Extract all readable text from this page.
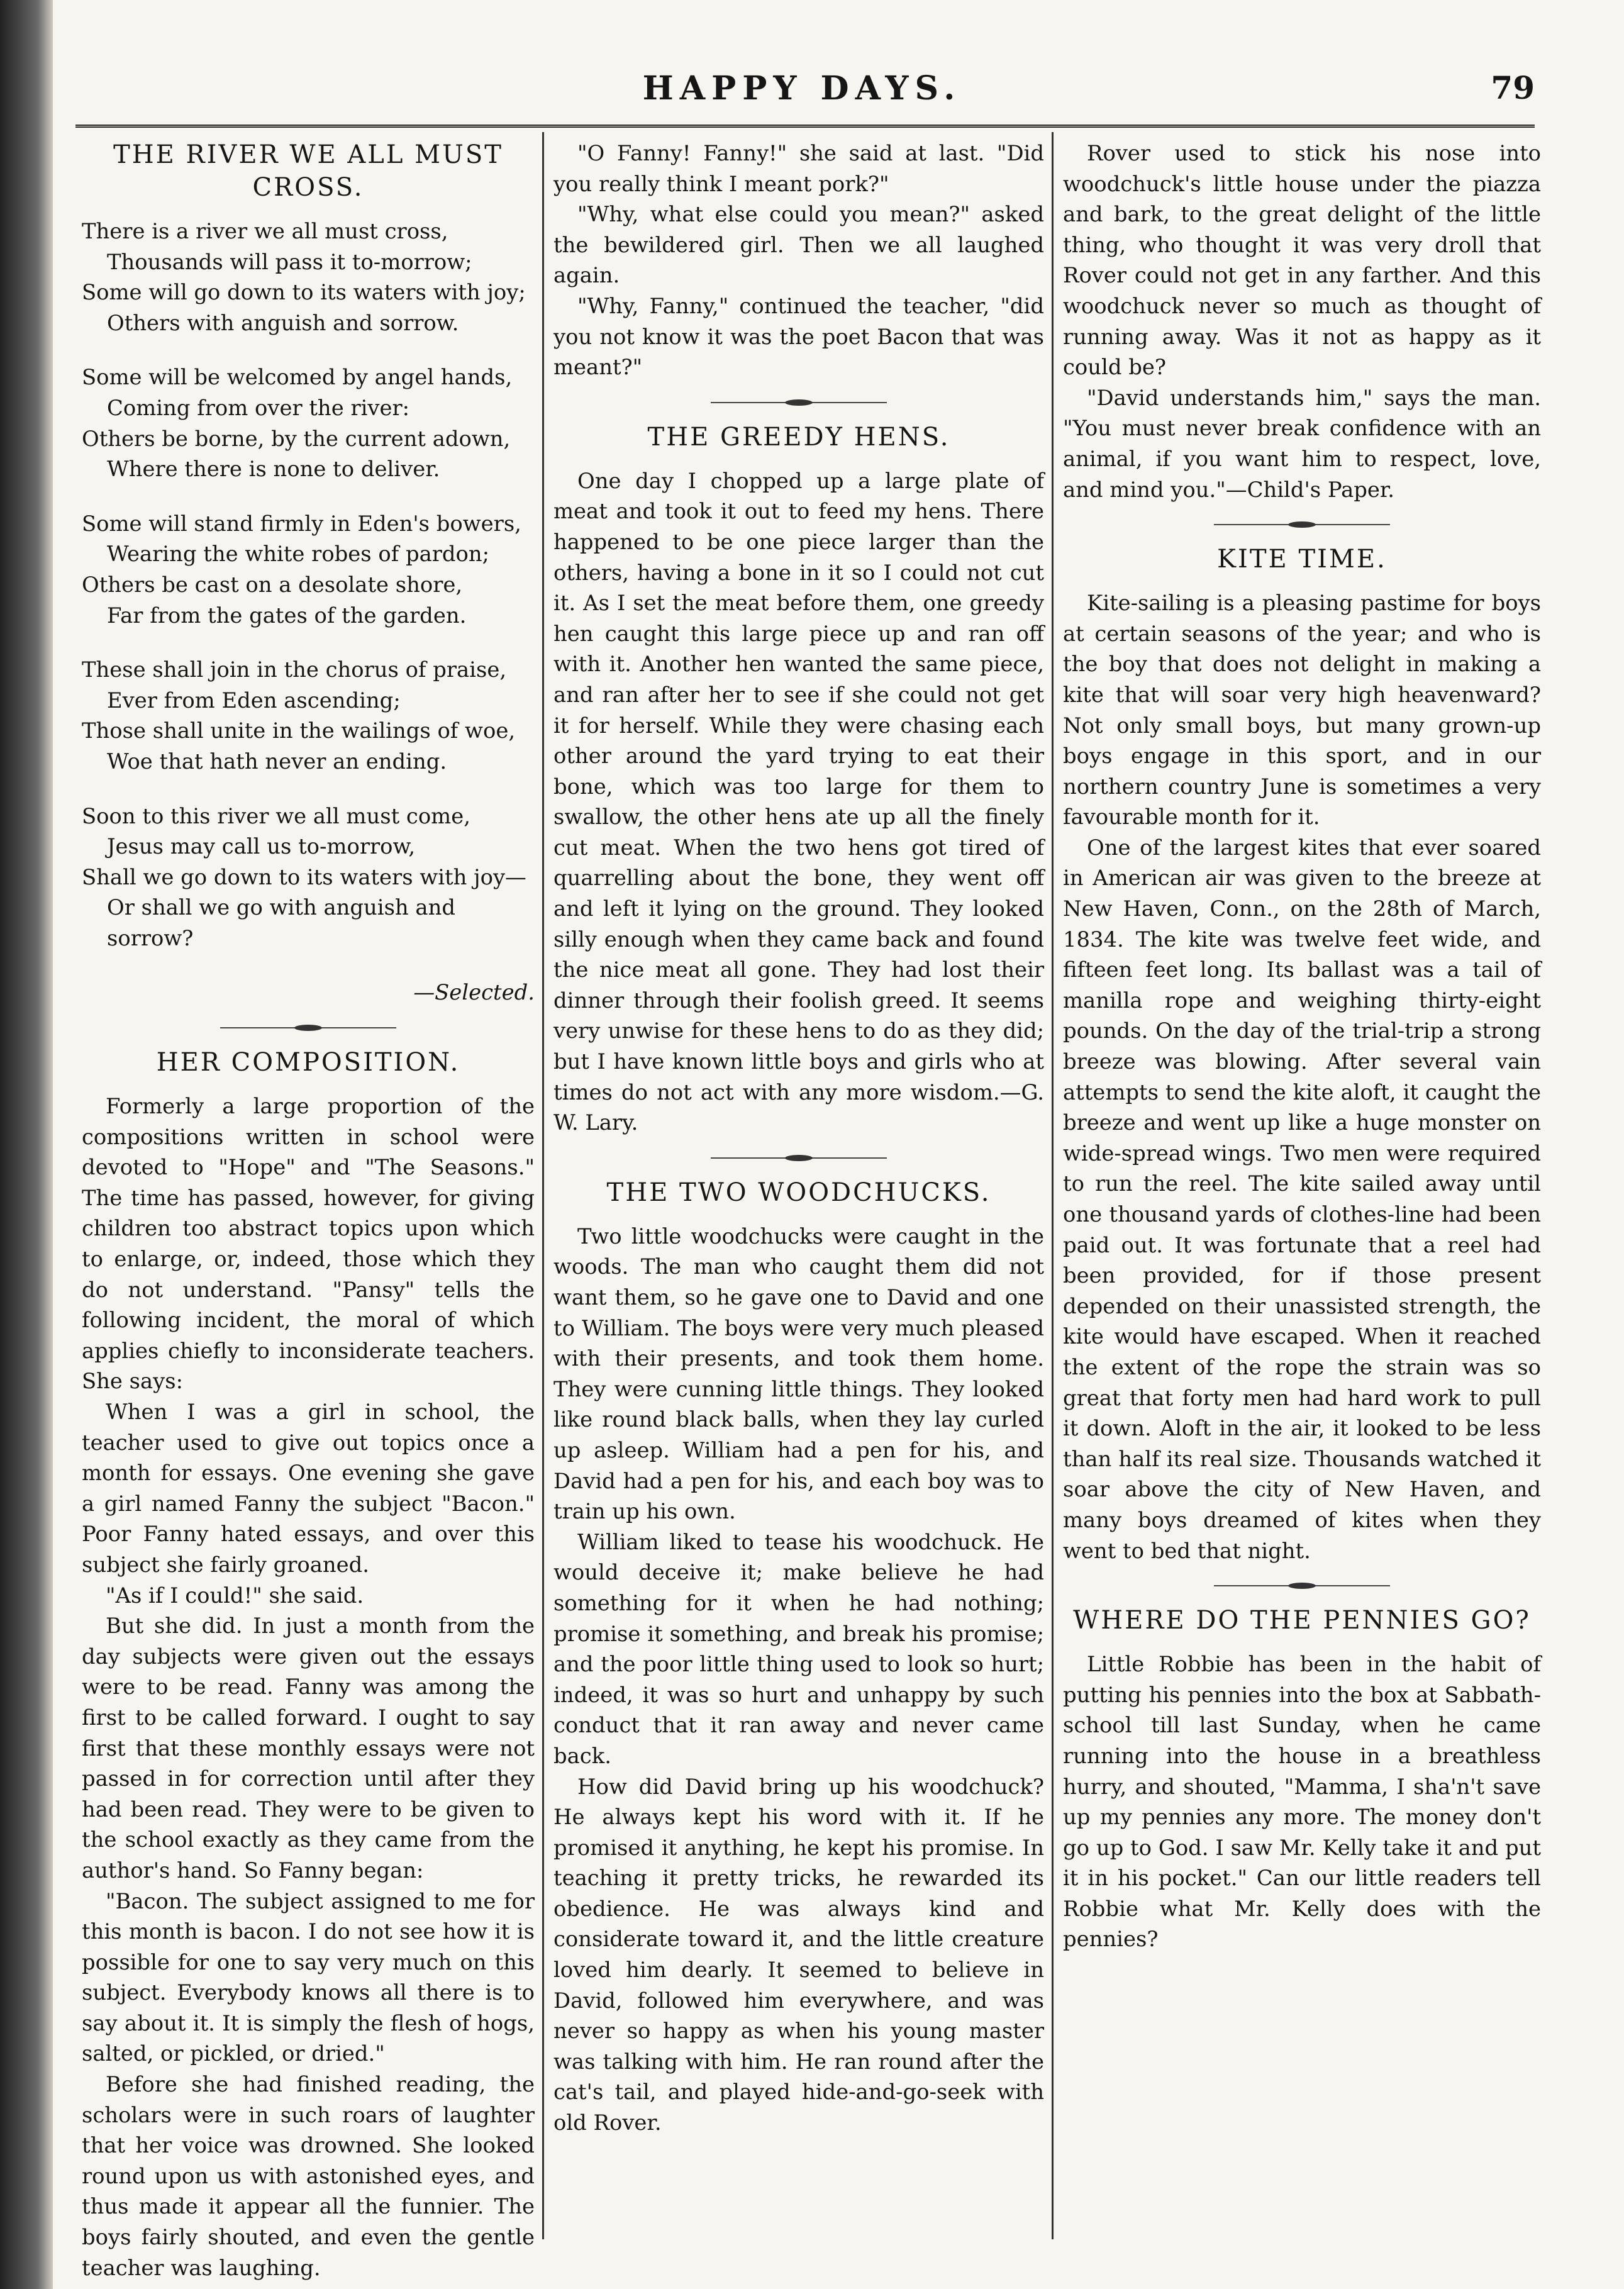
HAPPY DAYS.	79
THE RIVER WE ALL MUST CROSS.
There is a river we all must cross,
Thousands will pass it to-morrow;
Some will go down to its waters with joy;
Others with anguish and sorrow.
Some will be welcomed by angel hands,
Coming from over the river:
Others be borne, by the current adown,
Where there is none to deliver.
Some will stand firmly in Eden's bowers,
Wearing the white robes of pardon;
Others be cast on a desolate shore,
Far from the gates of the garden.
These shall join in the chorus of praise,
Ever from Eden ascending;
Those shall unite in the wailings of woe,
Woe that hath never an ending.
Soon to this river we all must come,
Jesus may call us to-morrow,
Shall we go down to its waters with joy—
Or shall we go with anguish and sorrow?
—Selected.
HER COMPOSITION.

Formerly a large proportion of the compositions written in school were devoted to "Hope" and "The Seasons." The time has passed, however, for giving children too abstract topics upon which to enlarge, or, indeed, those which they do not understand. "Pansy" tells the following incident, the moral of which applies chiefly to inconsiderate teachers. She says:

When I was a girl in school, the teacher used to give out topics once a month for essays. One evening she gave a girl named Fanny the subject "Bacon." Poor Fanny hated essays, and over this subject she fairly groaned.

"As if I could!" she said.

But she did. In just a month from the day subjects were given out the essays were to be read. Fanny was among the first to be called forward. I ought to say first that these monthly essays were not passed in for correction until after they had been read. They were to be given to the school exactly as they came from the author's hand. So Fanny began:

"Bacon. The subject assigned to me for this month is bacon. I do not see how it is possible for one to say very much on this subject. Everybody knows all there is to say about it. It is simply the flesh of hogs, salted, or pickled, or dried."

Before she had finished reading, the scholars were in such roars of laughter that her voice was drowned. She looked round upon us with astonished eyes, and thus made it appear all the funnier. The boys fairly shouted, and even the gentle teacher was laughing.

"O Fanny! Fanny!" she said at last. "Did you really think I meant pork?"

"Why, what else could you mean?" asked the bewildered girl. Then we all laughed again.

"Why, Fanny," continued the teacher, "did you not know it was the poet Bacon that was meant?"

THE GREEDY HENS.

One day I chopped up a large plate of meat and took it out to feed my hens. There happened to be one piece larger than the others, having a bone in it so I could not cut it. As I set the meat before them, one greedy hen caught this large piece up and ran off with it. Another hen wanted the same piece, and ran after her to see if she could not get it for herself. While they were chasing each other around the yard trying to eat their bone, which was too large for them to swallow, the other hens ate up all the finely cut meat. When the two hens got tired of quarrelling about the bone, they went off and left it lying on the ground. They looked silly enough when they came back and found the nice meat all gone. They had lost their dinner through their foolish greed. It seems very unwise for these hens to do as they did; but I have known little boys and girls who at times do not act with any more wisdom.—G. W. Lary.

THE TWO WOODCHUCKS.

Two little woodchucks were caught in the woods. The man who caught them did not want them, so he gave one to David and one to William. The boys were very much pleased with their presents, and took them home. They were cunning little things. They looked like round black balls, when they lay curled up asleep. William had a pen for his, and David had a pen for his, and each boy was to train up his own.

William liked to tease his woodchuck. He would deceive it; make believe he had something for it when he had nothing; promise it something, and break his promise; and the poor little thing used to look so hurt; indeed, it was so hurt and unhappy by such conduct that it ran away and never came back.

How did David bring up his woodchuck? He always kept his word with it. If he promised it anything, he kept his promise. In teaching it pretty tricks, he rewarded its obedience. He was always kind and considerate toward it, and the little creature loved him dearly. It seemed to believe in David, followed him everywhere, and was never so happy as when his young master was talking with him. He ran round after the cat's tail, and played hide-and-go-seek with old Rover.

Rover used to stick his nose into woodchuck's little house under the piazza and bark, to the great delight of the little thing, who thought it was very droll that Rover could not get in any farther. And this woodchuck never so much as thought of running away. Was it not as happy as it could be?

"David understands him," says the man. "You must never break confidence with an animal, if you want him to respect, love, and mind you."—Child's Paper.

KITE TIME.

Kite-sailing is a pleasing pastime for boys at certain seasons of the year; and who is the boy that does not delight in making a kite that will soar very high heavenward? Not only small boys, but many grown-up boys engage in this sport, and in our northern country June is sometimes a very favourable month for it.

One of the largest kites that ever soared in American air was given to the breeze at New Haven, Conn., on the 28th of March, 1834. The kite was twelve feet wide, and fifteen feet long. Its ballast was a tail of manilla rope and weighing thirty-eight pounds. On the day of the trial-trip a strong breeze was blowing. After several vain attempts to send the kite aloft, it caught the breeze and went up like a huge monster on wide-spread wings. Two men were required to run the reel. The kite sailed away until one thousand yards of clothes-line had been paid out. It was fortunate that a reel had been provided, for if those present depended on their unassisted strength, the kite would have escaped. When it reached the extent of the rope the strain was so great that forty men had hard work to pull it down. Aloft in the air, it looked to be less than half its real size. Thousands watched it soar above the city of New Haven, and many boys dreamed of kites when they went to bed that night.

WHERE DO THE PENNIES GO?

Little Robbie has been in the habit of putting his pennies into the box at Sabbath-school till last Sunday, when he came running into the house in a breathless hurry, and shouted, "Mamma, I sha'n't save up my pennies any more. The money don't go up to God. I saw Mr. Kelly take it and put it in his pocket." Can our little readers tell Robbie what Mr. Kelly does with the pennies?
